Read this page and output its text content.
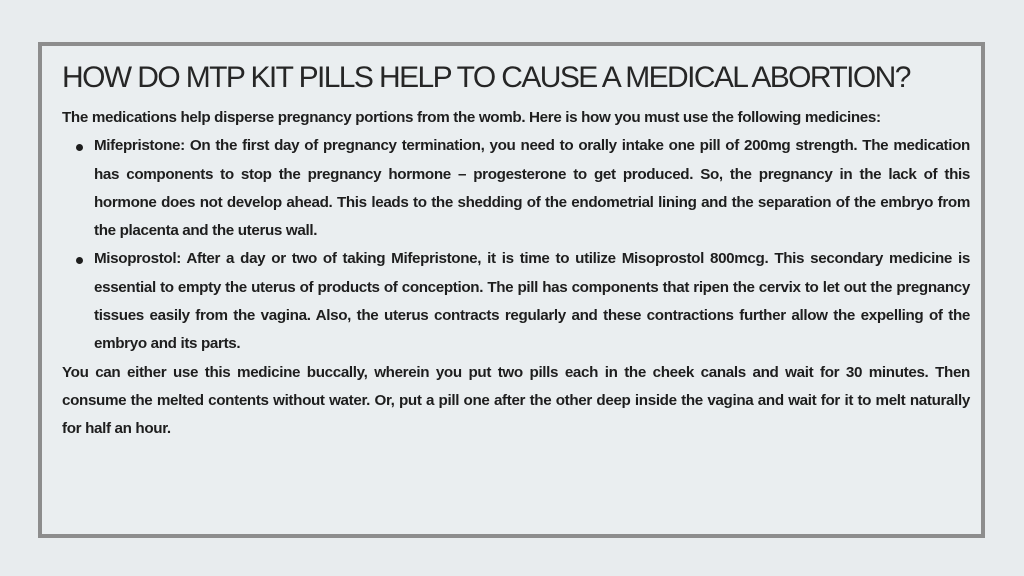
HOW DO MTP KIT PILLS HELP TO CAUSE A MEDICAL ABORTION?

The medications help disperse pregnancy portions from the womb. Here is how you must use the following medicines:

Mifepristone: On the first day of pregnancy termination, you need to orally intake one pill of 200mg strength. The medication has components to stop the pregnancy hormone – progesterone to get produced. So, the pregnancy in the lack of this hormone does not develop ahead. This leads to the shedding of the endometrial lining and the separation of the embryo from the placenta and the uterus wall.
Misoprostol: After a day or two of taking Mifepristone, it is time to utilize Misoprostol 800mcg. This secondary medicine is essential to empty the uterus of products of conception. The pill has components that ripen the cervix to let out the pregnancy tissues easily from the vagina. Also, the uterus contracts regularly and these contractions further allow the expelling of the embryo and its parts.

You can either use this medicine buccally, wherein you put two pills each in the cheek canals and wait for 30 minutes. Then consume the melted contents without water. Or, put a pill one after the other deep inside the vagina and wait for it to melt naturally for half an hour.
